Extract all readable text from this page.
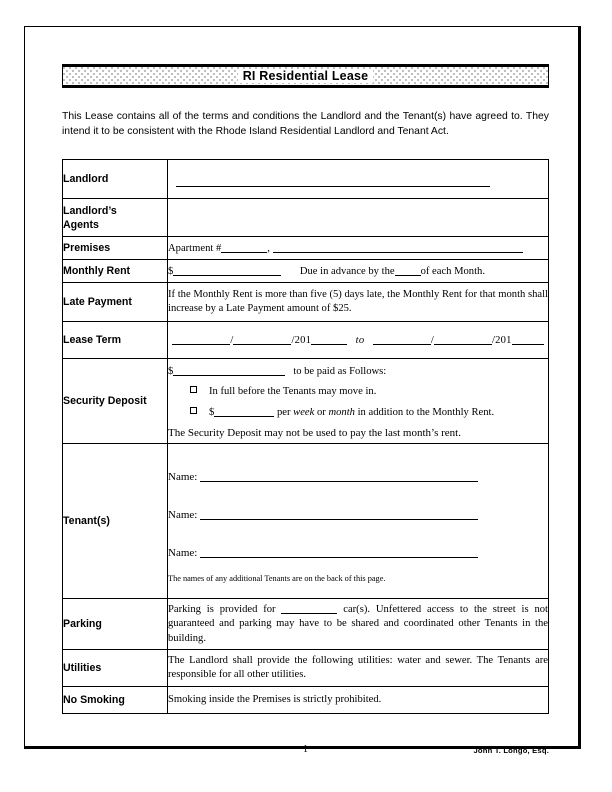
RI Residential Lease

This Lease contains all of the terms and conditions the Landlord and the Tenant(s) have agreed to. They intend it to be consistent with the Rhode Island Residential Landlord and Tenant Act.

Landlord	

Landlord’s
Agents	

Premises	Apartment # ,
Monthly Rent	$ Due in advance by the of each Month.
Late Payment	If the Monthly Rent is more than five (5) days late, the Monthly Rent for that month shall increase by a Late Payment amount of $25.
Lease Term	/ /201 to / /201

Security Deposit	$ to be paid as Follows:
In full before the Tenants may move in.
$ per week or month in addition to the Monthly Rent.
The Security Deposit may not be used to pay the last month’s rent.

Tenant(s)	Name:
Name:
Name:
The names of any additional Tenants are on the back of this page.

Parking	Parking is provided for car(s). Unfettered access to the street is not guaranteed and parking may have to be shared and coordinated other Tenants in the building.
Utilities	The Landlord shall provide the following utilities: water and sewer. The Tenants are responsible for all other utilities.
No Smoking	Smoking inside the Premises is strictly prohibited.
1	John T. Longo, Esq.
